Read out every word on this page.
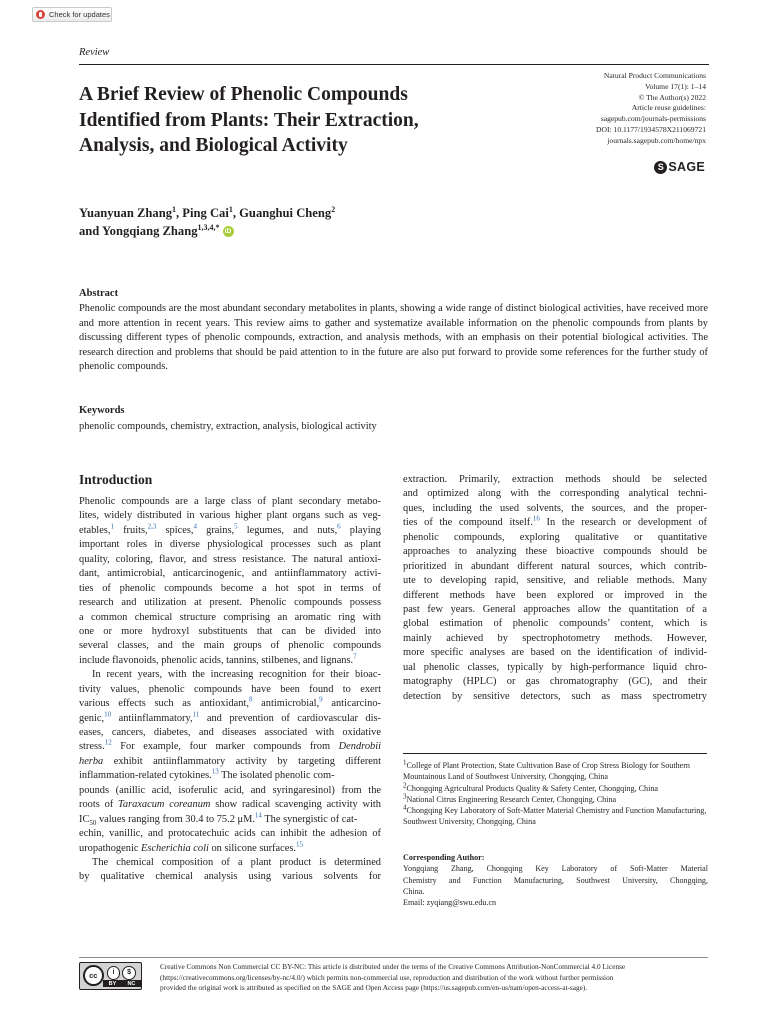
Check for updates
Review
A Brief Review of Phenolic Compounds
Identified from Plants: Their Extraction,
Analysis, and Biological Activity
Natural Product Communications
Volume 17(1): 1–14
© The Author(s) 2022
Article reuse guidelines:
sagepub.com/journals-permissions
DOI: 10.1177/1934578X211069721
journals.sagepub.com/home/npx
S SAGE
Yuanyuan Zhang$^1$, Ping Cai$^1$, Guanghui Cheng$^2$
and Yongqiang Zhang$^{1,3,4,*}$iD
Abstract
Phenolic compounds are the most abundant secondary metabolites in plants, showing a wide range of distinct biological activities, have received more and more attention in recent years. This review aims to gather and systematize available information on the phenolic compounds from plants by discussing different types of phenolic compounds, extraction, and analysis methods, with an emphasis on their potential biological activities. The research direction and problems that should be paid attention to in the future are also put forward to provide some references for the further study of phenolic compounds.
Keywords
phenolic compounds, chemistry, extraction, analysis, biological activity
Introduction
Phenolic compounds are a large class of plant secondary metabo-
lites, widely distributed in various higher plant organs such as veg-
etables,$^1$ fruits,$^{2,3}$ spices,$^4$ grains,$^5$ legumes, and nuts,$^6$ playing
important roles in diverse physiological processes such as plant
quality, coloring, flavor, and stress resistance. The natural antioxi-
dant, antimicrobial, anticarcinogenic, and antiinflammatory activi-
ties of phenolic compounds become a hot spot in terms of
research and utilization at present. Phenolic compounds possess
a common chemical structure comprising an aromatic ring with
one or more hydroxyl substituents that can be divided into
several classes, and the main groups of phenolic compounds
include flavonoids, phenolic acids, tannins, stilbenes, and lignans.$^7$
In recent years, with the increasing recognition for their bioac-
tivity values, phenolic compounds have been found to exert
various effects such as antioxidant,$^8$ antimicrobial,$^9$ anticarcino-
genic,$^{10}$ antiinflammatory,$^{11}$ and prevention of cardiovascular dis-
eases, cancers, diabetes, and diseases associated with oxidative
stress.$^{12}$ For example, four marker compounds from Dendrobii
herba exhibit antiinflammatory activity by targeting different
inflammation-related cytokines.$^{13}$ The isolated phenolic com-
pounds (anillic acid, isoferulic acid, and syringaresinol) from the
roots of Taraxacum coreanum show radical scavenging activity with
$IC_{50}$ values ranging from 30.4 to 75.2 μM.$^{14}$ The synergistic of cat-
echin, vanillic, and protocatechuic acids can inhibit the adhesion of
uropathogenic Escherichia coli on silicone surfaces.$^{15}$
The chemical composition of a plant product is determined
by qualitative chemical analysis using various solvents for
extraction. Primarily, extraction methods should be selected
and optimized along with the corresponding analytical techni-
ques, including the used solvents, the sources, and the proper-
ties of the compound itself.$^{16}$ In the research or development of
phenolic compounds, exploring qualitative or quantitative
approaches to analyzing these bioactive compounds should be
prioritized in abundant different natural sources, which contrib-
ute to developing rapid, sensitive, and reliable methods. Many
different methods have been explored or improved in the
past few years. General approaches allow the quantitation of a
global estimation of phenolic compounds’ content, which is
mainly achieved by spectrophotometry methods. However,
more specific analyses are based on the identification of individ-
ual phenolic classes, typically by high-performance liquid chro-
matography (HPLC) or gas chromatography (GC), and their
detection by sensitive detectors, such as mass spectrometry
$^1$College of Plant Protection, State Cultivation Base of Crop Stress Biology for Southern Mountainous Land of Southwest University, Chongqing, China
$^2$Chongqing Agricultural Products Quality & Safety Center, Chongqing, China
$^3$National Citrus Engineering Research Center, Chongqing, China
$^4$Chongqing Key Laboratory of Soft-Matter Material Chemistry and Function Manufacturing, Southwest University, Chongqing, China
Corresponding Author:
Yongqiang Zhang, Chongqing Key Laboratory of Soft-Matter Material
Chemistry and Function Manufacturing, Southwest University, Chongqing,
China.
Email: zyqiang@swu.edu.cn
cc	i	$
BY NC
Creative Commons Non Commercial CC BY-NC: This article is distributed under the terms of the Creative Commons Attribution-NonCommercial 4.0 License
(https://creativecommons.org/licenses/by-nc/4.0/) which permits non-commercial use, reproduction and distribution of the work without further permission
provided the original work is attributed as specified on the SAGE and Open Access page (https://us.sagepub.com/en-us/nam/open-access-at-sage).
